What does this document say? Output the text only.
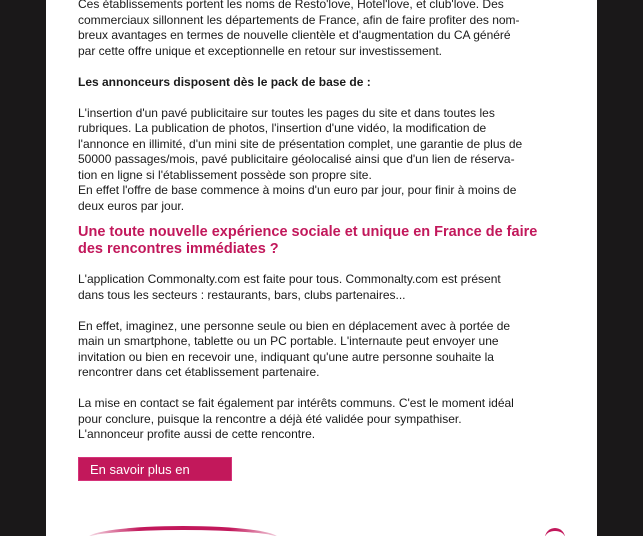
Ces établissements portent les noms de Resto'love, Hotel'love, et club'love. Des
commerciaux sillonnent les départements de France, afin de faire profiter des nom-
breux avantages en termes de nouvelle clientèle et d'augmentation du CA généré
par cette offre unique et exceptionnelle en retour sur investissement.

Les annonceurs disposent dès le pack de base de :

L'insertion d'un pavé publicitaire sur toutes les pages du site et dans toutes les
rubriques. La publication de photos, l'insertion d'une vidéo, la modification de
l'annonce en illimité, d'un mini site de présentation complet, une garantie de plus de
50000 passages/mois, pavé publicitaire géolocalisé ainsi que d'un lien de réserva-
tion en ligne si l'établissement possède son propre site.
En effet l'offre de base commence à moins d'un euro par jour, pour finir à moins de
deux euros par jour.

Une toute nouvelle expérience sociale et unique en France de faire
des rencontres immédiates ?

L'application Commonalty.com est faite pour tous. Commonalty.com est présent
dans tous les secteurs : restaurants, bars, clubs partenaires...

En effet, imaginez, une personne seule ou bien en déplacement avec à portée de
main un smartphone, tablette ou un PC portable. L'internaute peut envoyer une
invitation ou bien en recevoir une, indiquant qu'une autre personne souhaite la
rencontrer dans cet établissement partenaire.

La mise en contact se fait également par intérêts communs. C'est le moment idéal
pour conclure, puisque la rencontre a déjà été validée pour sympathiser.
L'annonceur profite aussi de cette rencontre.

En savoir plus en ligne
